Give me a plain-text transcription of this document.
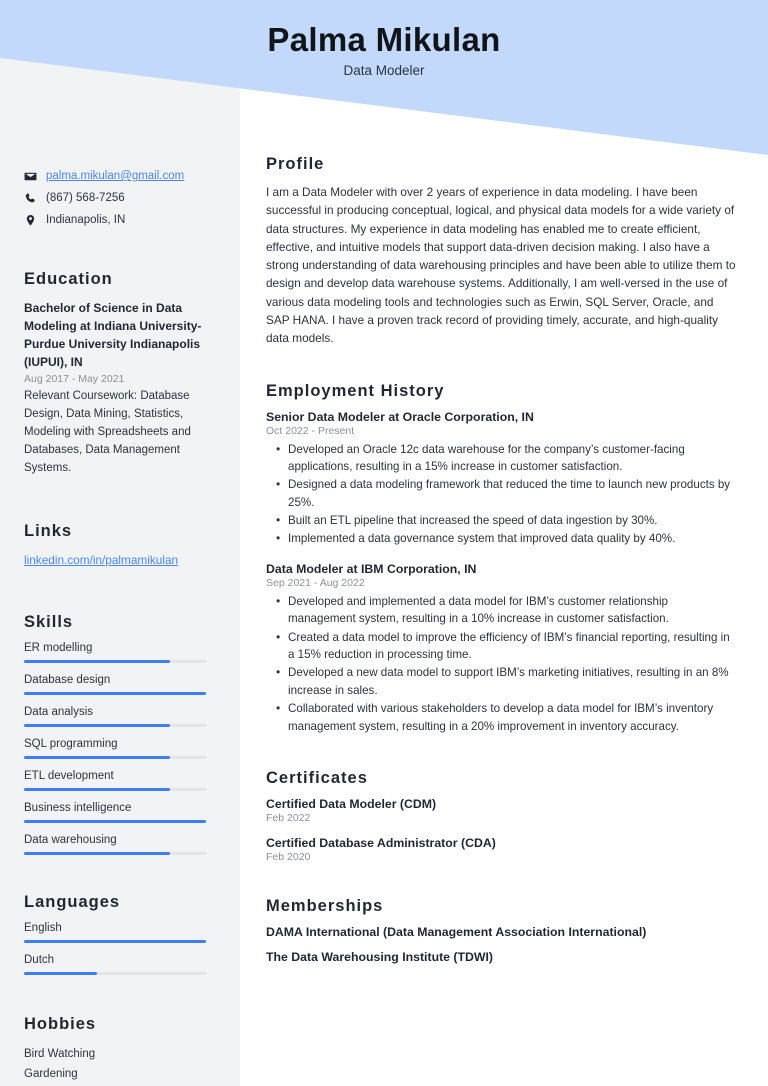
palma.mikulan@gmail.com
(867) 568-7256
Indianapolis, IN
Education
Bachelor of Science in Data Modeling at Indiana University-Purdue University Indianapolis (IUPUI), IN
Aug 2017 - May 2021
Relevant Coursework: Database Design, Data Mining, Statistics, Modeling with Spreadsheets and Databases, Data Management Systems.
Links
linkedin.com/in/palmamikulan
Skills
ER modelling
Database design
Data analysis
SQL programming
ETL development
Business intelligence
Data warehousing
Languages
English
Dutch
Hobbies
Bird Watching
Gardening
Palma Mikulan
Data Modeler
Profile
I am a Data Modeler with over 2 years of experience in data modeling. I have been successful in producing conceptual, logical, and physical data models for a wide variety of data structures. My experience in data modeling has enabled me to create efficient, effective, and intuitive models that support data-driven decision making. I also have a strong understanding of data warehousing principles and have been able to utilize them to design and develop data warehouse systems. Additionally, I am well-versed in the use of various data modeling tools and technologies such as Erwin, SQL Server, Oracle, and SAP HANA. I have a proven track record of providing timely, accurate, and high-quality data models.
Employment History
Senior Data Modeler at Oracle Corporation, IN
Oct 2022 - Present
• Developed an Oracle 12c data warehouse for the company’s customer-facing applications, resulting in a 15% increase in customer satisfaction.
• Designed a data modeling framework that reduced the time to launch new products by 25%.
• Built an ETL pipeline that increased the speed of data ingestion by 30%.
• Implemented a data governance system that improved data quality by 40%.
Data Modeler at IBM Corporation, IN
Sep 2021 - Aug 2022
• Developed and implemented a data model for IBM’s customer relationship management system, resulting in a 10% increase in customer satisfaction.
• Created a data model to improve the efficiency of IBM’s financial reporting, resulting in a 15% reduction in processing time.
• Developed a new data model to support IBM’s marketing initiatives, resulting in an 8% increase in sales.
• Collaborated with various stakeholders to develop a data model for IBM’s inventory management system, resulting in a 20% improvement in inventory accuracy.
Certificates
Certified Data Modeler (CDM)
Feb 2022
Certified Database Administrator (CDA)
Feb 2020
Memberships
DAMA International (Data Management Association International)
The Data Warehousing Institute (TDWI)
